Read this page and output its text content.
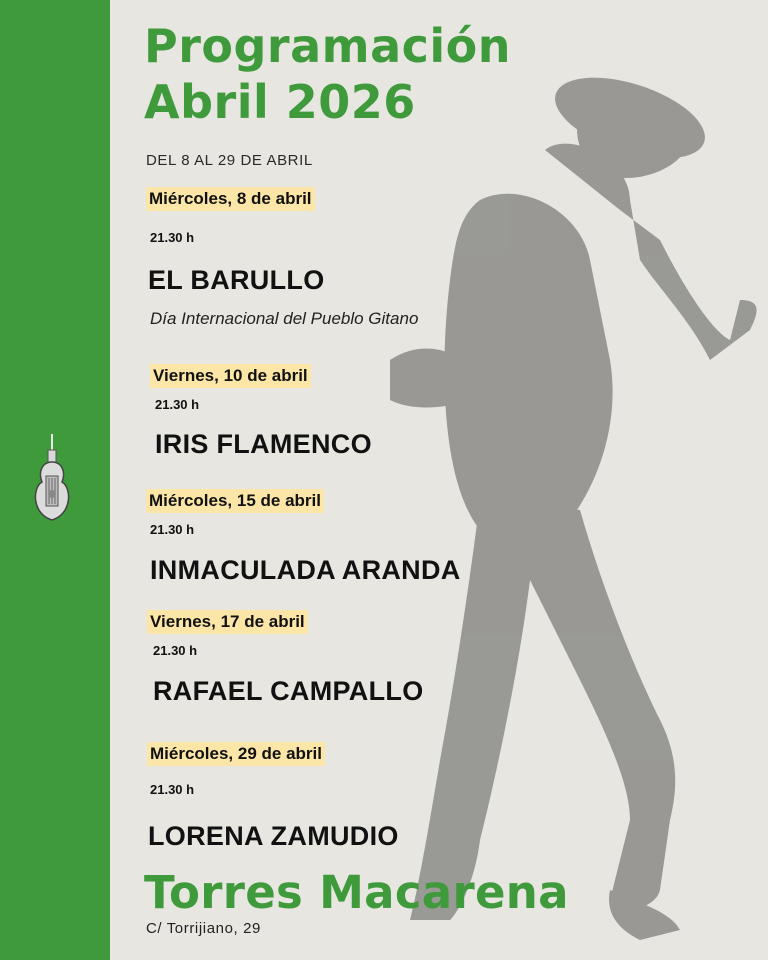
Programación
Abril 2026
DEL 8 AL 29 DE ABRIL
Miércoles, 8 de abril
21.30 h
EL BARULLO
Día Internacional del Pueblo Gitano
Viernes, 10 de abril
21.30 h
IRIS FLAMENCO
Miércoles, 15 de abril
21.30 h
INMACULADA ARANDA
Viernes, 17 de abril
21.30 h
RAFAEL CAMPALLO
Miércoles, 29 de abril
21.30 h
LORENA ZAMUDIO
Torres Macarena
C/ Torrijiano, 29
